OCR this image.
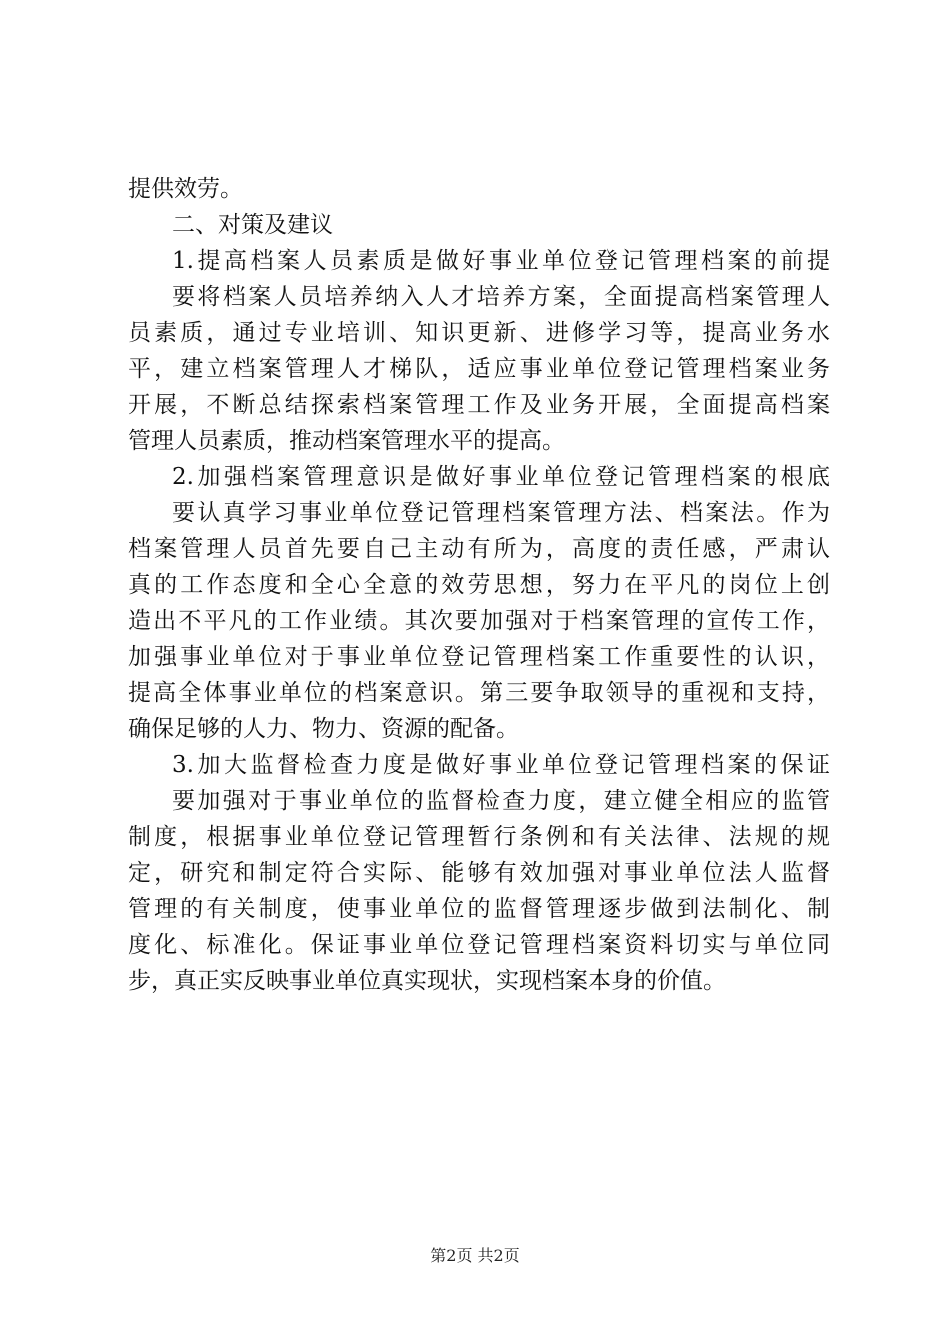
提供效劳。
二、对策及建议
1.提高档案人员素质是做好事业单位登记管理档案的前提
要将档案人员培养纳入人才培养方案，全面提高档案管理人
员素质，通过专业培训、知识更新、进修学习等，提高业务水
平，建立档案管理人才梯队，适应事业单位登记管理档案业务
开展，不断总结探索档案管理工作及业务开展，全面提高档案
管理人员素质，推动档案管理水平的提高。
2.加强档案管理意识是做好事业单位登记管理档案的根底
要认真学习事业单位登记管理档案管理方法、档案法。作为
档案管理人员首先要自己主动有所为，高度的责任感，严肃认
真的工作态度和全心全意的效劳思想，努力在平凡的岗位上创
造出不平凡的工作业绩。其次要加强对于档案管理的宣传工作，
加强事业单位对于事业单位登记管理档案工作重要性的认识，
提高全体事业单位的档案意识。第三要争取领导的重视和支持，
确保足够的人力、物力、资源的配备。
3.加大监督检查力度是做好事业单位登记管理档案的保证
要加强对于事业单位的监督检查力度，建立健全相应的监管
制度，根据事业单位登记管理暂行条例和有关法律、法规的规
定，研究和制定符合实际、能够有效加强对事业单位法人监督
管理的有关制度，使事业单位的监督管理逐步做到法制化、制
度化、标准化。保证事业单位登记管理档案资料切实与单位同
步，真正实反映事业单位真实现状，实现档案本身的价值。
第2页 共2页
